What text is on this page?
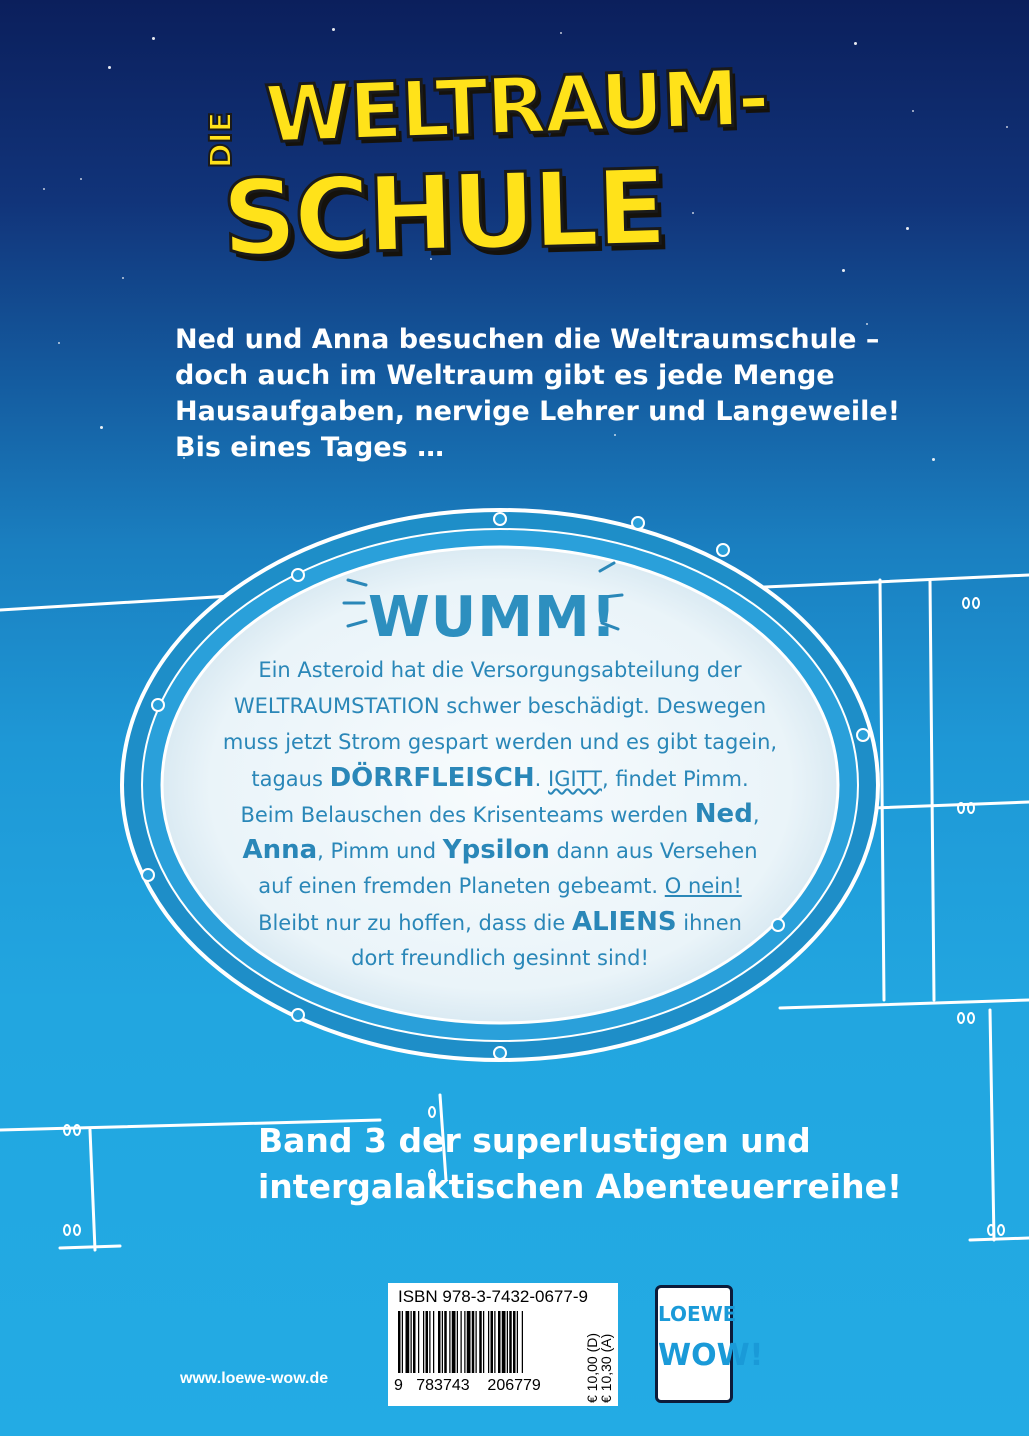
DIE WELTRAUM-
SCHULE
Ned und Anna besuchen die Weltraumschule –
doch auch im Weltraum gibt es jede Menge
Hausaufgaben, nervige Lehrer und Langeweile!
Bis eines Tages …
WUMM!
Ein Asteroid hat die Versorgungsabteilung der
WELTRAUMSTATION schwer beschädigt. Deswegen
muss jetzt Strom gespart werden und es gibt tagein,
tagaus DÖRRFLEISCH. IGITT, findet Pimm.
Beim Belauschen des Krisenteams werden Ned,
Anna, Pimm und Ypsilon dann aus Versehen
auf einen fremden Planeten gebeamt. O nein!
Bleibt nur zu hoffen, dass die ALIENS ihnen
dort freundlich gesinnt sind!
Band 3 der superlustigen und
intergalaktischen Abenteuerreihe!
ISBN 978-3-7432-0677-9
9 783743 206779	€ 10,00 (D)
€ 10,30 (A)
LOEWE
WOW!
www.loewe-wow.de
